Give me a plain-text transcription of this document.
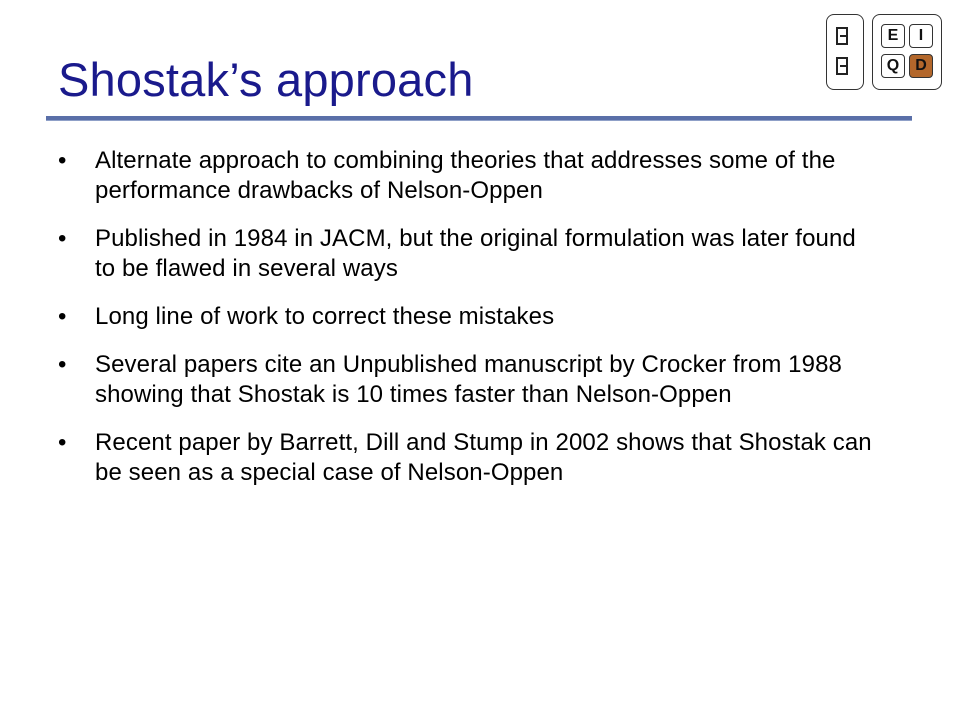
Shostak’s approach
E	I
Q	D
• Alternate approach to combining theories that addresses some of the performance drawbacks of Nelson-Oppen
• Published in 1984 in JACM, but the original formulation was later found to be flawed in several ways
• Long line of work to correct these mistakes
• Several papers cite an Unpublished manuscript by Crocker from 1988 showing that Shostak is 10 times faster than Nelson-Oppen
• Recent paper by Barrett, Dill and Stump in 2002 shows that Shostak can be seen as a special case of Nelson-Oppen
